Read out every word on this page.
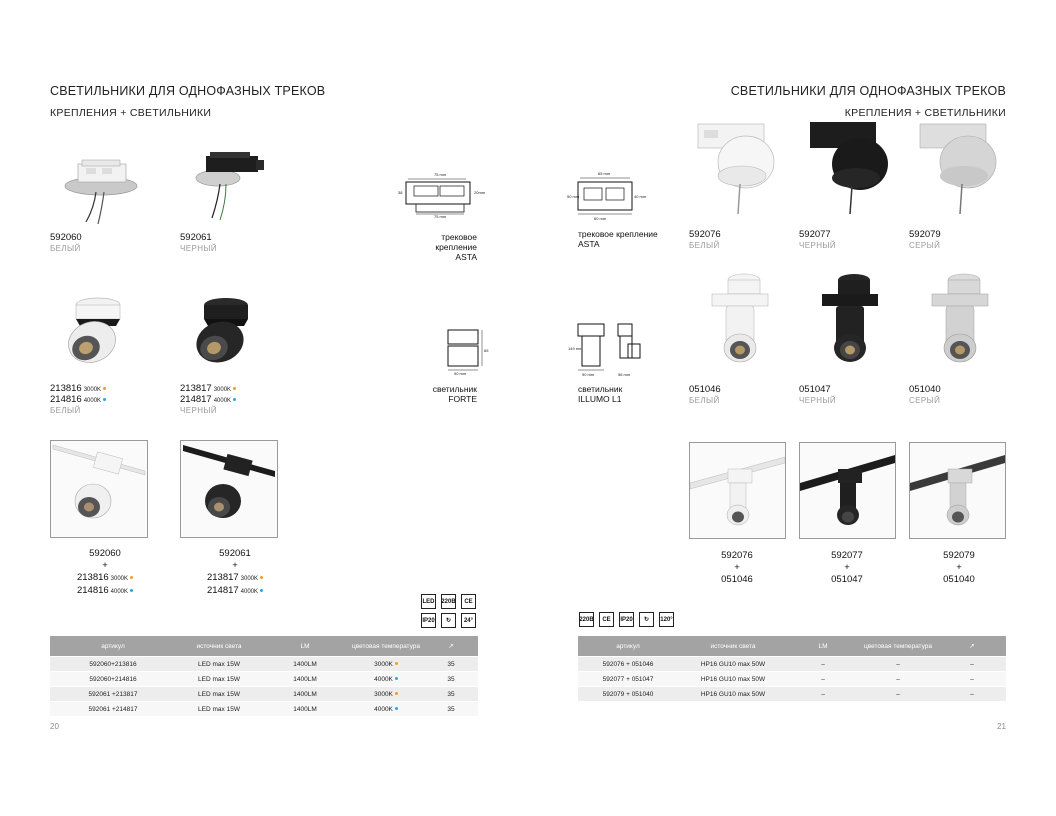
СВЕТИЛЬНИКИ ДЛЯ ОДНОФАЗНЫХ ТРЕКОВ
КРЕПЛЕНИЯ + СВЕТИЛЬНИКИ
592060
БЕЛЫЙ
592061
ЧЕРНЫЙ
213816 3000K
214816 4000K
БЕЛЫЙ
213817 3000K
214817 4000K
ЧЕРНЫЙ
592060
+
213816 3000K
214816 4000K
592061
+
213817 3000K
214817 4000K
75 mm
38	20mm
75 mm
трековое крепление
ASTA
65
90 mm
светильник
FORTE
LED 220В	CE
IP20	↻	24°
артикул	источник света	LM	цветовая температура	↗
592060+213816	LED max 15W	1400LM	3000K	35
592060+214816	LED max 15W	1400LM	4000K	35
592061 +213817	LED max 15W	1400LM	3000K	35
592061 +214817	LED max 15W	1400LM	4000K	35
20
СВЕТИЛЬНИКИ ДЛЯ ОДНОФАЗНЫХ ТРЕКОВ
КРЕПЛЕНИЯ + СВЕТИЛЬНИКИ
65 mm
50 mm	40 mm
60 mm
трековое крепление
ASTA
149 mm
90 mm	56 mm
светильник
ILLUMO L1
592076
БЕЛЫЙ
592077
ЧЕРНЫЙ
592079
СЕРЫЙ
051046
БЕЛЫЙ
051047
ЧЕРНЫЙ
051040
СЕРЫЙ
592076
+
051046
592077
+
051047
592079
+
051040
220В	CE	IP20	↻	120°
артикул	источник света	LM	цветовая температура	↗
592076 + 051046	HP16 GU10 max 50W	–	–	–
592077 + 051047	HP16 GU10 max 50W	–	–	–
592079 + 051040	HP16 GU10 max 50W	–	–	–
21
